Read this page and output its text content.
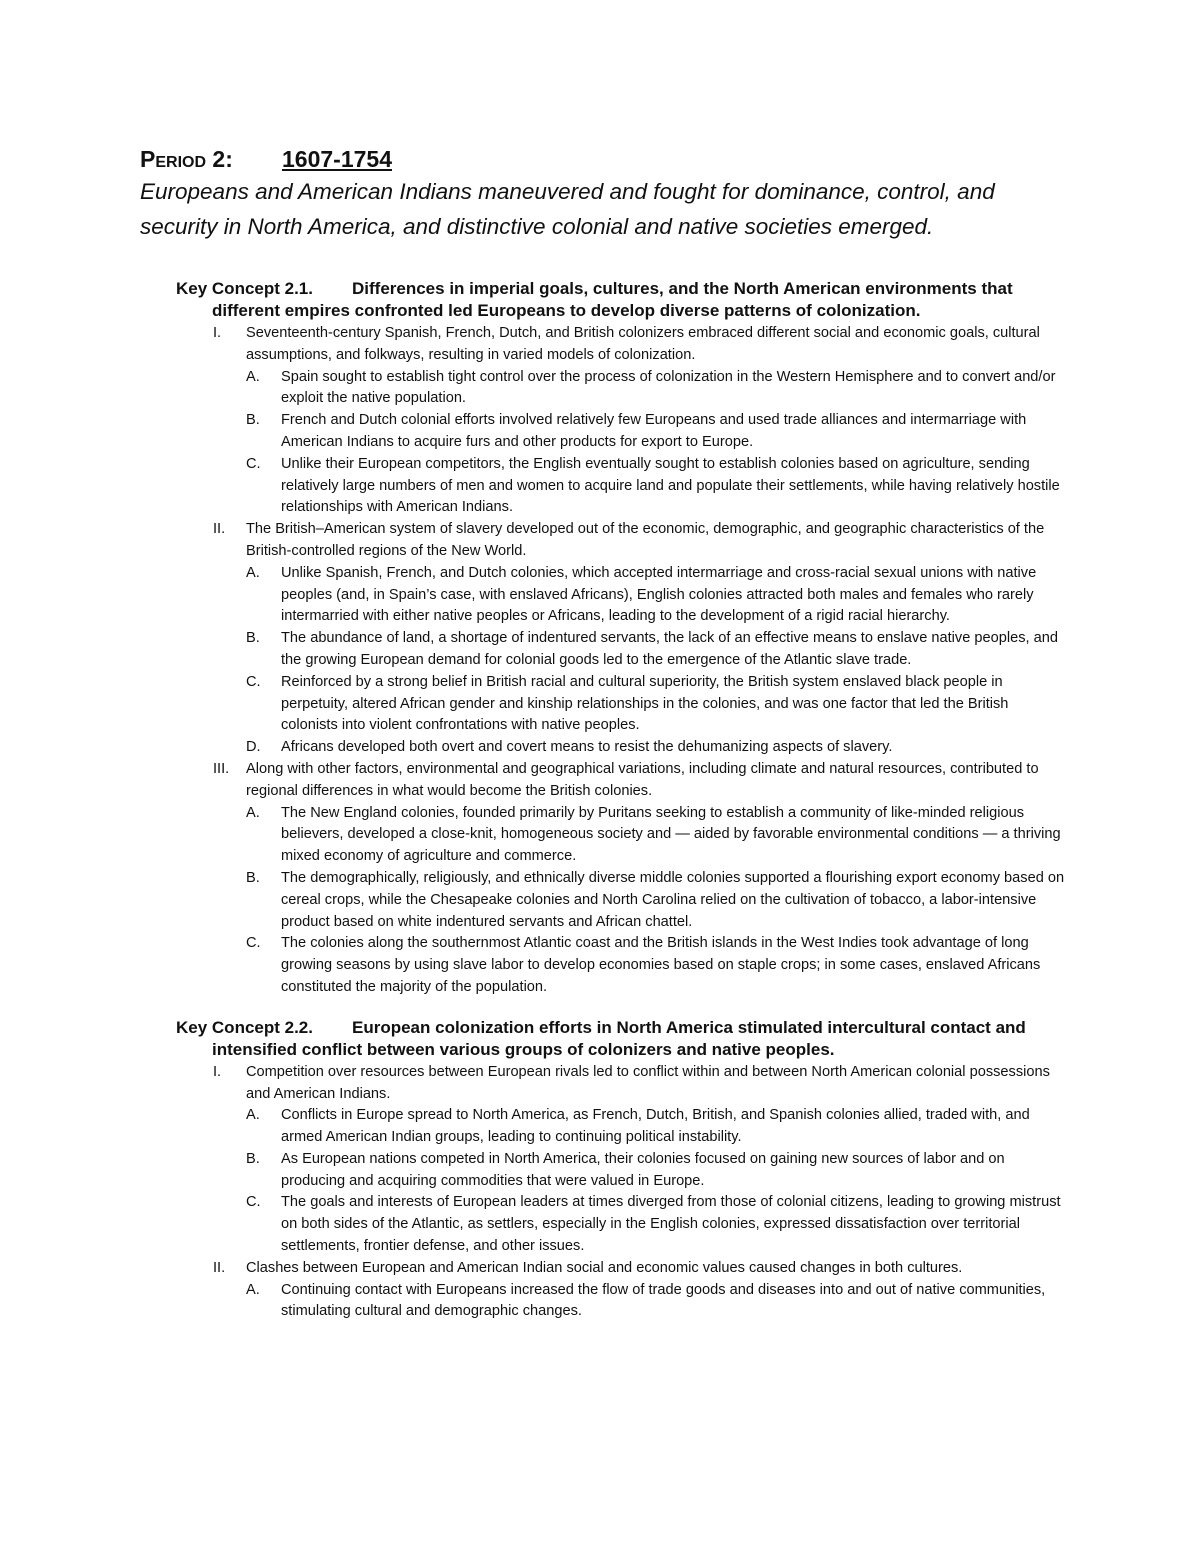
Period 2: 1607-1754

Europeans and American Indians maneuvered and fought for dominance, control, and security in North America, and distinctive colonial and native societies emerged.

Key Concept 2.1. Differences in imperial goals, cultures, and the North American environments that different empires confronted led Europeans to develop diverse patterns of colonization.

I. Seventeenth-century Spanish, French, Dutch, and British colonizers embraced different social and economic goals, cultural assumptions, and folkways, resulting in varied models of colonization.
A. Spain sought to establish tight control over the process of colonization in the Western Hemisphere and to convert and/or exploit the native population.
B. French and Dutch colonial efforts involved relatively few Europeans and used trade alliances and intermarriage with American Indians to acquire furs and other products for export to Europe.
C. Unlike their European competitors, the English eventually sought to establish colonies based on agriculture, sending relatively large numbers of men and women to acquire land and populate their settlements, while having relatively hostile relationships with American Indians.
II. The British–American system of slavery developed out of the economic, demographic, and geographic characteristics of the British-controlled regions of the New World.
A. Unlike Spanish, French, and Dutch colonies, which accepted intermarriage and cross-racial sexual unions with native peoples (and, in Spain’s case, with enslaved Africans), English colonies attracted both males and females who rarely intermarried with either native peoples or Africans, leading to the development of a rigid racial hierarchy.
B. The abundance of land, a shortage of indentured servants, the lack of an effective means to enslave native peoples, and the growing European demand for colonial goods led to the emergence of the Atlantic slave trade.
C. Reinforced by a strong belief in British racial and cultural superiority, the British system enslaved black people in perpetuity, altered African gender and kinship relationships in the colonies, and was one factor that led the British colonists into violent confrontations with native peoples.
D. Africans developed both overt and covert means to resist the dehumanizing aspects of slavery.
III. Along with other factors, environmental and geographical variations, including climate and natural resources, contributed to regional differences in what would become the British colonies.
A. The New England colonies, founded primarily by Puritans seeking to establish a community of like-minded religious believers, developed a close-knit, homogeneous society and — aided by favorable environmental conditions — a thriving mixed economy of agriculture and commerce.
B. The demographically, religiously, and ethnically diverse middle colonies supported a flourishing export economy based on cereal crops, while the Chesapeake colonies and North Carolina relied on the cultivation of tobacco, a labor-intensive product based on white indentured servants and African chattel.
C. The colonies along the southernmost Atlantic coast and the British islands in the West Indies took advantage of long growing seasons by using slave labor to develop economies based on staple crops; in some cases, enslaved Africans constituted the majority of the population.

Key Concept 2.2. European colonization efforts in North America stimulated intercultural contact and intensified conflict between various groups of colonizers and native peoples.

I. Competition over resources between European rivals led to conflict within and between North American colonial possessions and American Indians.
A. Conflicts in Europe spread to North America, as French, Dutch, British, and Spanish colonies allied, traded with, and armed American Indian groups, leading to continuing political instability.
B. As European nations competed in North America, their colonies focused on gaining new sources of labor and on producing and acquiring commodities that were valued in Europe.
C. The goals and interests of European leaders at times diverged from those of colonial citizens, leading to growing mistrust on both sides of the Atlantic, as settlers, especially in the English colonies, expressed dissatisfaction over territorial settlements, frontier defense, and other issues.
II. Clashes between European and American Indian social and economic values caused changes in both cultures.
A. Continuing contact with Europeans increased the flow of trade goods and diseases into and out of native communities, stimulating cultural and demographic changes.
